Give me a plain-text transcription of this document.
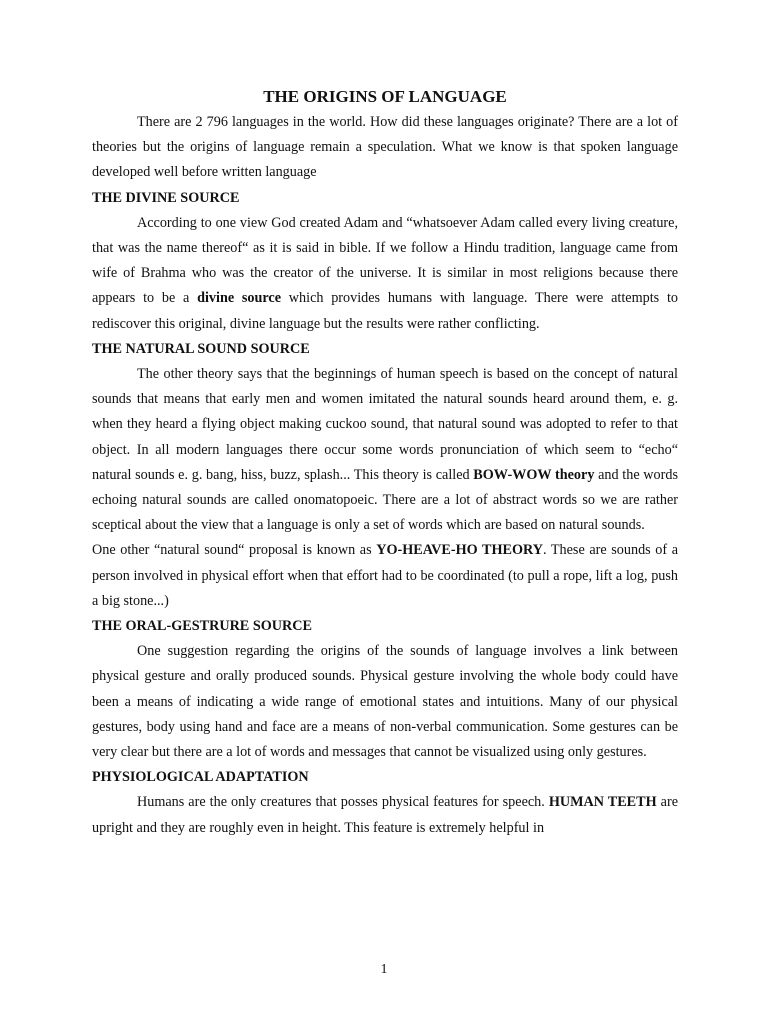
THE ORIGINS OF LANGUAGE

There are 2 796 languages in the world. How did these languages originate? There are a lot of theories but the origins of language remain a speculation. What we know is that spoken language developed well before written language

THE DIVINE SOURCE

According to one view God created Adam and “whatsoever Adam called every living creature, that was the name thereof“ as it is said in bible. If we follow a Hindu tradition, language came from wife of Brahma who was the creator of the universe. It is similar in most religions because there appears to be a divine source which provides humans with language. There were attempts to rediscover this original, divine language but the results were rather conflicting.

THE NATURAL SOUND SOURCE

The other theory says that the beginnings of human speech is based on the concept of natural sounds that means that early men and women imitated the natural sounds heard around them, e. g. when they heard a flying object making cuckoo sound, that natural sound was adopted to refer to that object. In all modern languages there occur some words pronunciation of which seem to “echo“ natural sounds e. g. bang, hiss, buzz, splash... This theory is called BOW-WOW theory and the words echoing natural sounds are called onomatopoeic. There are a lot of abstract words so we are rather sceptical about the view that a language is only a set of words which are based on natural sounds.

One other “natural sound“ proposal is known as YO-HEAVE-HO THEORY. These are sounds of a person involved in physical effort when that effort had to be coordinated (to pull a rope, lift a log, push a big stone...)

THE ORAL-GESTRURE SOURCE

One suggestion regarding the origins of the sounds of language involves a link between physical gesture and orally produced sounds. Physical gesture involving the whole body could have been a means of indicating a wide range of emotional states and intuitions. Many of our physical gestures, body using hand and face are a means of non-verbal communication. Some gestures can be very clear but there are a lot of words and messages that cannot be visualized using only gestures.

PHYSIOLOGICAL ADAPTATION

Humans are the only creatures that posses physical features for speech. HUMAN TEETH are upright and they are roughly even in height. This feature is extremely helpful in

1
